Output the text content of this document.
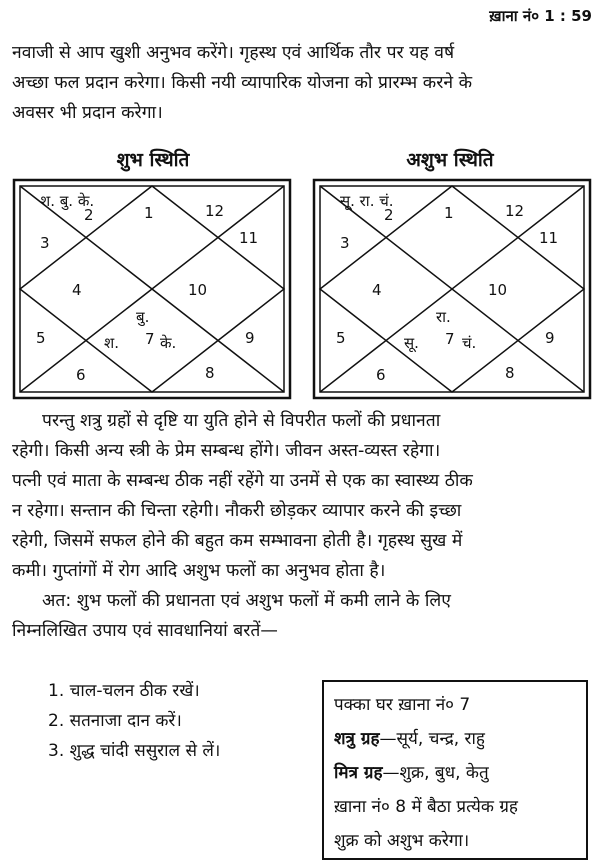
ख़ाना नं० 1 : 59

नवाजी से आप खुशी अनुभव करेंगे। गृहस्थ एवं आर्थिक तौर पर यह वर्ष
अच्छा फल प्रदान करेगा। किसी नयी व्यापारिक योजना को प्रारम्भ करने के
अवसर भी प्रदान करेगा।

शुभ स्थिति	अशुभ स्थिति
1
2
3
4
5
6
7
8
9
10
11
12
श. बु. के.
बु.
श.	के.
1
2
3
4
5
6
7
8
9
10
11
12
सू. रा. चं.
रा.
सू.	चं.

परन्तु शत्रु ग्रहों से दृष्टि या युति होने से विपरीत फलों की प्रधानता
रहेगी। किसी अन्य स्त्री के प्रेम सम्बन्ध होंगे। जीवन अस्त-व्यस्त रहेगा।
पत्नी एवं माता के सम्बन्ध ठीक नहीं रहेंगे या उनमें से एक का स्वास्थ्य ठीक
न रहेगा। सन्तान की चिन्ता रहेगी। नौकरी छोड़कर व्यापार करने की इच्छा
रहेगी, जिसमें सफल होने की बहुत कम सम्भावना होती है। गृहस्थ सुख में
कमी। गुप्तांगों में रोग आदि अशुभ फलों का अनुभव होता है।
अत: शुभ फलों की प्रधानता एवं अशुभ फलों में कमी लाने के लिए
निम्नलिखित उपाय एवं सावधानियां बरतें—

1. चाल-चलन ठीक रखें।
2. सतनाजा दान करें।
3. शुद्ध चांदी ससुराल से लें।
पक्का घर ख़ाना नं० 7
शत्रु ग्रह—सूर्य, चन्द्र, राहु
मित्र ग्रह—शुक्र, बुध, केतु
ख़ाना नं० 8 में बैठा प्रत्येक ग्रह
शुक्र को अशुभ करेगा।
